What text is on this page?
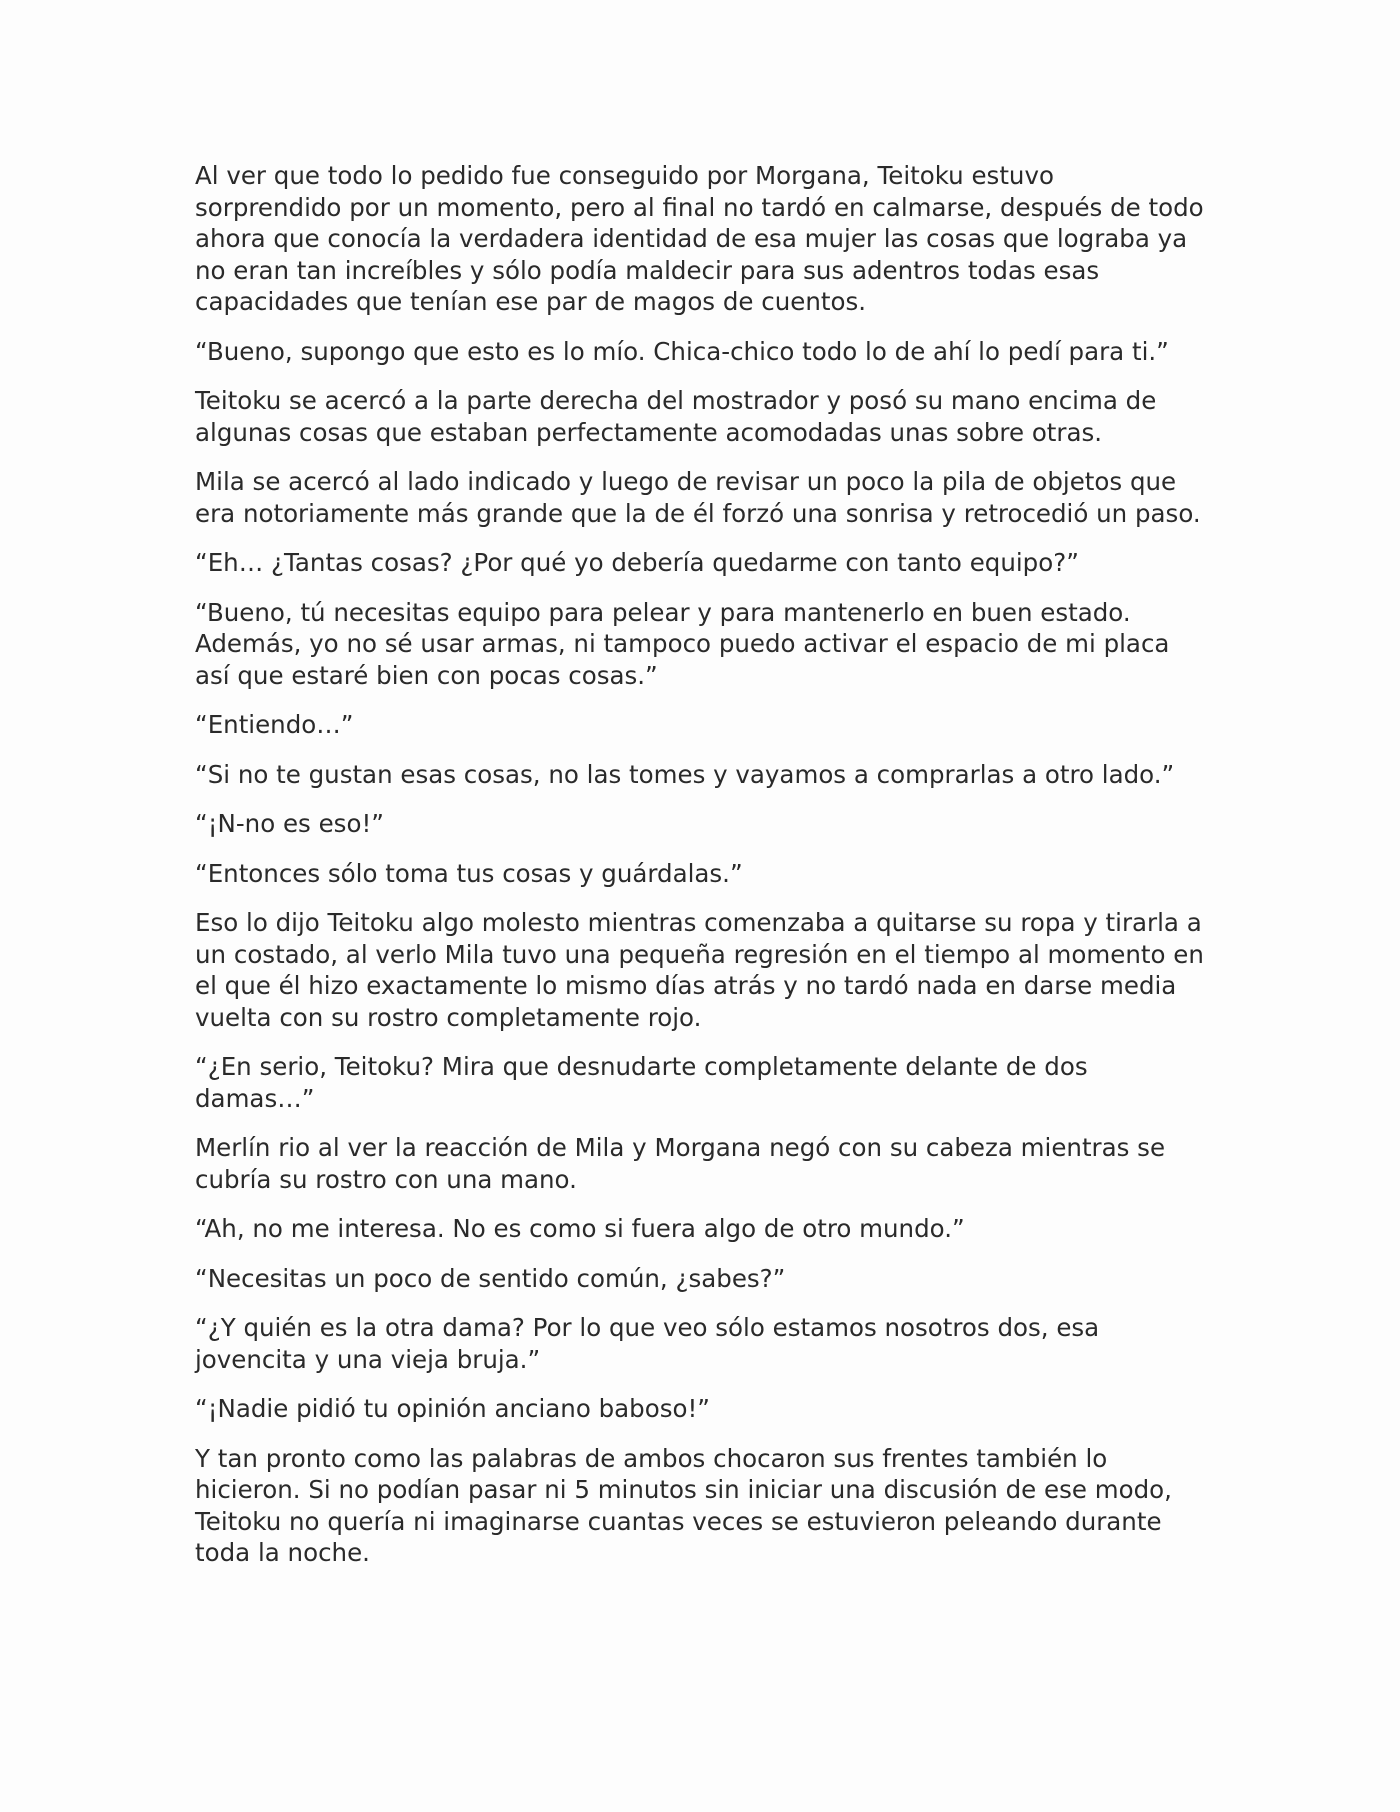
Al ver que todo lo pedido fue conseguido por Morgana, Teitoku estuvo sorprendido por un momento, pero al final no tardó en calmarse, después de todo ahora que conocía la verdadera identidad de esa mujer las cosas que lograba ya no eran tan increíbles y sólo podía maldecir para sus adentros todas esas capacidades que tenían ese par de magos de cuentos.

“Bueno, supongo que esto es lo mío. Chica-chico todo lo de ahí lo pedí para ti.”

Teitoku se acercó a la parte derecha del mostrador y posó su mano encima de algunas cosas que estaban perfectamente acomodadas unas sobre otras.

Mila se acercó al lado indicado y luego de revisar un poco la pila de objetos que era notoriamente más grande que la de él forzó una sonrisa y retrocedió un paso.

“Eh… ¿Tantas cosas? ¿Por qué yo debería quedarme con tanto equipo?”

“Bueno, tú necesitas equipo para pelear y para mantenerlo en buen estado. Además, yo no sé usar armas, ni tampoco puedo activar el espacio de mi placa así que estaré bien con pocas cosas.”

“Entiendo…”

“Si no te gustan esas cosas, no las tomes y vayamos a comprarlas a otro lado.”

“¡N-no es eso!”

“Entonces sólo toma tus cosas y guárdalas.”

Eso lo dijo Teitoku algo molesto mientras comenzaba a quitarse su ropa y tirarla a un costado, al verlo Mila tuvo una pequeña regresión en el tiempo al momento en el que él hizo exactamente lo mismo días atrás y no tardó nada en darse media vuelta con su rostro completamente rojo.

“¿En serio, Teitoku? Mira que desnudarte completamente delante de dos damas…”

Merlín rio al ver la reacción de Mila y Morgana negó con su cabeza mientras se cubría su rostro con una mano.

“Ah, no me interesa. No es como si fuera algo de otro mundo.”

“Necesitas un poco de sentido común, ¿sabes?”

“¿Y quién es la otra dama? Por lo que veo sólo estamos nosotros dos, esa jovencita y una vieja bruja.”

“¡Nadie pidió tu opinión anciano baboso!”

Y tan pronto como las palabras de ambos chocaron sus frentes también lo hicieron. Si no podían pasar ni 5 minutos sin iniciar una discusión de ese modo, Teitoku no quería ni imaginarse cuantas veces se estuvieron peleando durante toda la noche.
